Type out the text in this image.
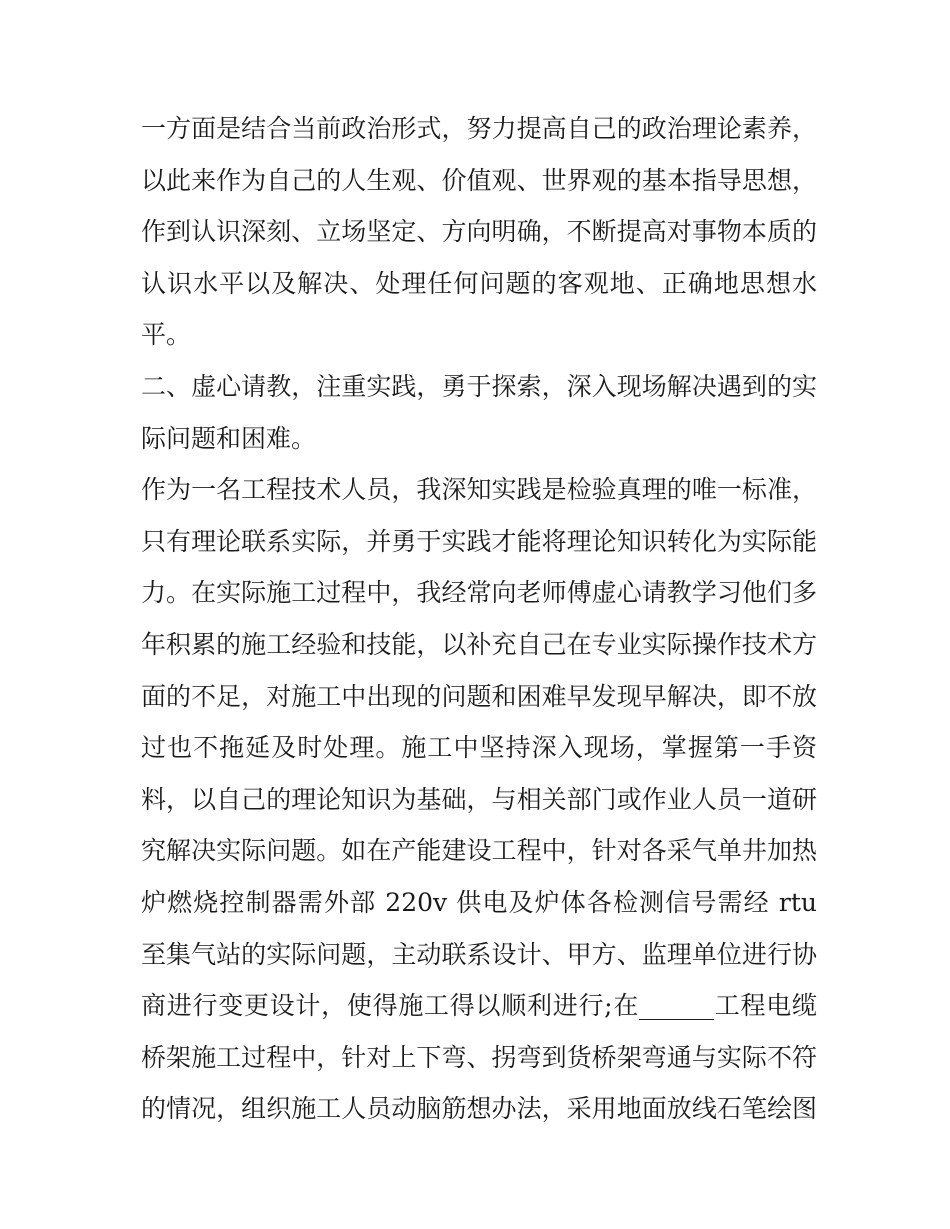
一方面是结合当前政治形式，努力提高自己的政治理论素养，
以此来作为自己的人生观、价值观、世界观的基本指导思想，
作到认识深刻、立场坚定、方向明确，不断提高对事物本质的
认识水平以及解决、处理任何问题的客观地、正确地思想水
平。
二、虚心请教，注重实践，勇于探索，深入现场解决遇到的实
际问题和困难。
作为一名工程技术人员，我深知实践是检验真理的唯一标准，
只有理论联系实际，并勇于实践才能将理论知识转化为实际能
力。在实际施工过程中，我经常向老师傅虚心请教学习他们多
年积累的施工经验和技能，以补充自己在专业实际操作技术方
面的不足，对施工中出现的问题和困难早发现早解决，即不放
过也不拖延及时处理。施工中坚持深入现场，掌握第一手资
料，以自己的理论知识为基础，与相关部门或作业人员一道研
究解决实际问题。如在产能建设工程中，针对各采气单井加热
炉燃烧控制器需外部 220v 供电及炉体各检测信号需经 rtu
至集气站的实际问题，主动联系设计、甲方、监理单位进行协
商进行变更设计，使得施工得以顺利进行;在______工程电缆
桥架施工过程中，针对上下弯、拐弯到货桥架弯通与实际不符
的情况，组织施工人员动脑筋想办法，采用地面放线石笔绘图
